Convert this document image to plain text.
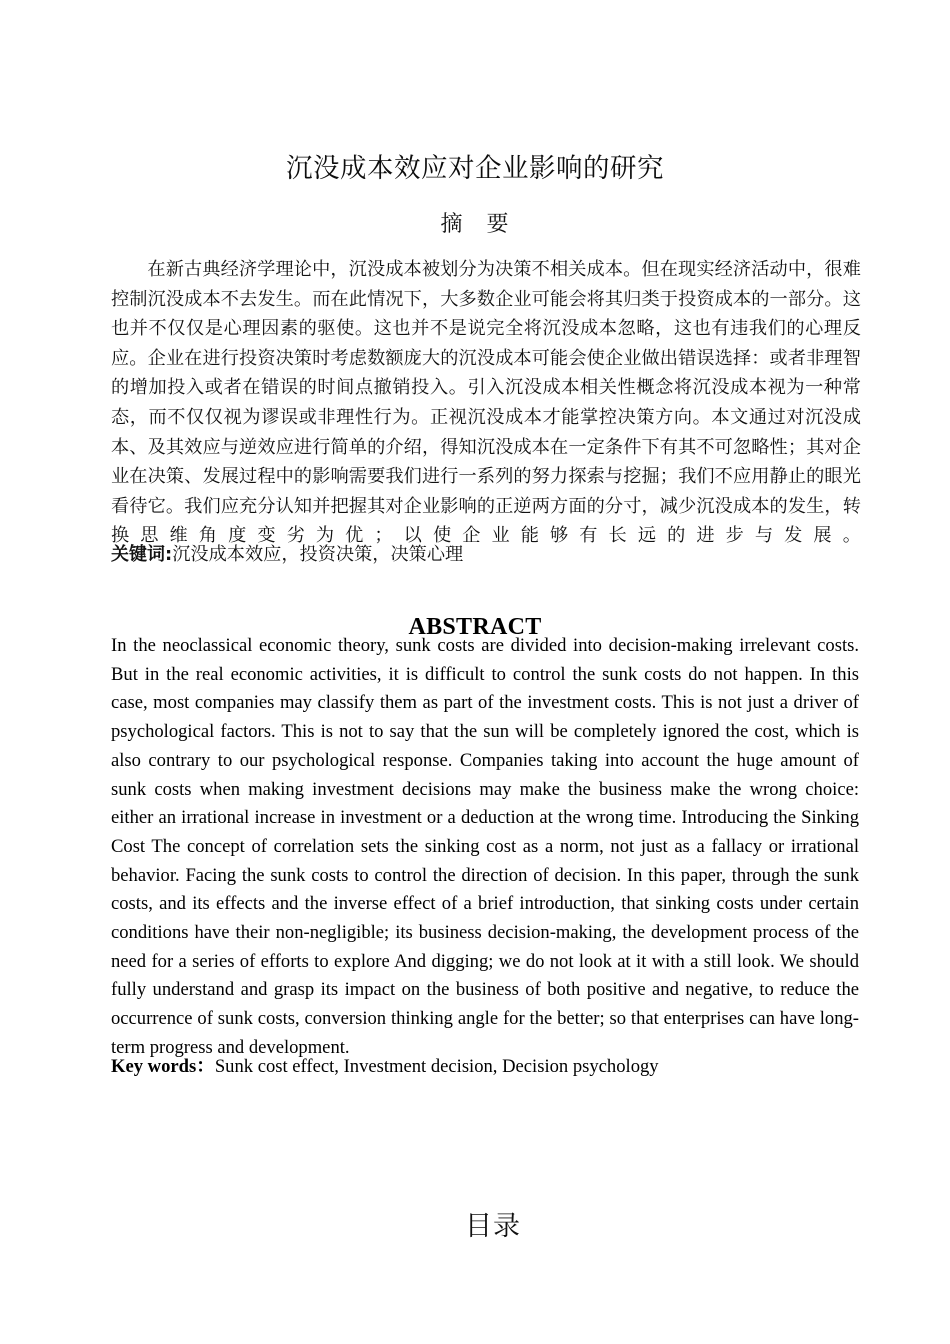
沉没成本效应对企业影响的研究
摘　要

在新古典经济学理论中，沉没成本被划分为决策不相关成本。但在现实经济活动中，很难控制沉没成本不去发生。而在此情况下，大多数企业可能会将其归类于投资成本的一部分。这也并不仅仅是心理因素的驱使。这也并不是说完全将沉没成本忽略，这也有违我们的心理反应。企业在进行投资决策时考虑数额庞大的沉没成本可能会使企业做出错误选择：或者非理智的增加投入或者在错误的时间点撤销投入。引入沉没成本相关性概念将沉没成本视为一种常态，而不仅仅视为谬误或非理性行为。正视沉没成本才能掌控决策方向。本文通过对沉没成本、及其效应与逆效应进行简单的介绍，得知沉没成本在一定条件下有其不可忽略性；其对企业在决策、发展过程中的影响需要我们进行一系列的努力探索与挖掘；我们不应用静止的眼光看待它。我们应充分认知并把握其对企业影响的正逆两方面的分寸，减少沉没成本的发生，转换思维角度变劣为优；以使企业能够有长远的进步与发展。

关键词:沉没成本效应，投资决策，决策心理
ABSTRACT

In the neoclassical economic theory, sunk costs are divided into decision-making irrelevant costs. But in the real economic activities, it is difficult to control the sunk costs do not happen. In this case, most companies may classify them as part of the investment costs. This is not just a driver of psychological factors. This is not to say that the sun will be completely ignored the cost, which is also contrary to our psychological response. Companies taking into account the huge amount of sunk costs when making investment decisions may make the business make the wrong choice: either an irrational increase in investment or a deduction at the wrong time. Introducing the Sinking Cost The concept of correlation sets the sinking cost as a norm, not just as a fallacy or irrational behavior. Facing the sunk costs to control the direction of decision. In this paper, through the sunk costs, and its effects and the inverse effect of a brief introduction, that sinking costs under certain conditions have their non-negligible; its business decision-making, the development process of the need for a series of efforts to explore And digging; we do not look at it with a still look. We should fully understand and grasp its impact on the business of both positive and negative, to reduce the occurrence of sunk costs, conversion thinking angle for the better; so that enterprises can have long-term progress and development.

Key words：Sunk cost effect, Investment decision, Decision psychology
目录
